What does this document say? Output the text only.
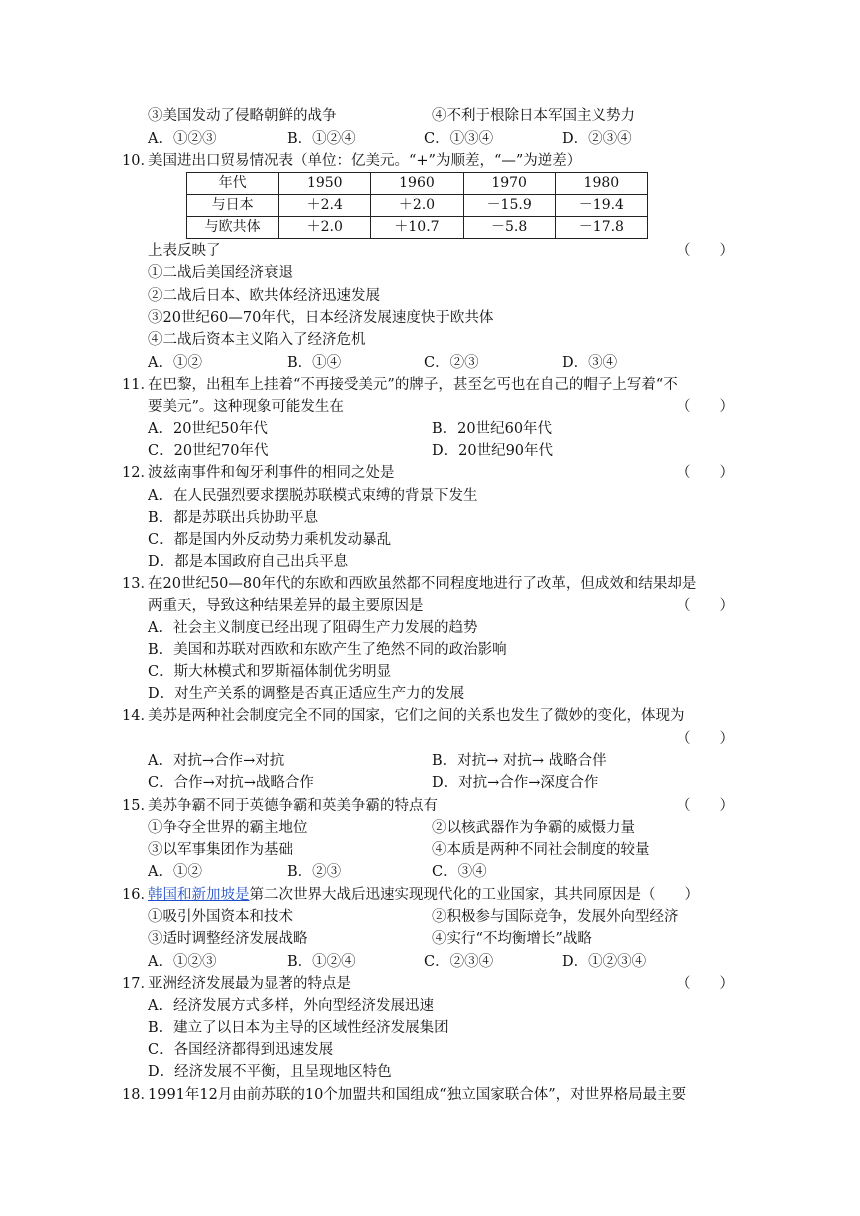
③美国发动了侵略朝鲜的战争	④不利于根除日本军国主义势力
A．①②③	B．①②④	C．①③④	D．②③④
10．
美国进出口贸易情况表（单位：亿美元。“+”为顺差，“—”为逆差）
年代	1950	1960	1970	1980
与日本	＋2.4	＋2.0	－15.9	－19.4
与欧共体	＋2.0	＋10.7	－5.8	－17.8
上表反映了	（　　）
①二战后美国经济衰退
②二战后日本、欧共体经济迅速发展
③20世纪60—70年代，日本经济发展速度快于欧共体
④二战后资本主义陷入了经济危机
A．①②	B．①④	C．②③	D．③④
11．
在巴黎，出租车上挂着“不再接受美元”的牌子，甚至乞丐也在自己的帽子上写着“不
要美元”。这种现象可能发生在	（　　）
A．20世纪50年代	B．20世纪60年代
C．20世纪70年代	D．20世纪90年代
12．
波兹南事件和匈牙利事件的相同之处是	（　　）
A．在人民强烈要求摆脱苏联模式束缚的背景下发生
B．都是苏联出兵协助平息
C．都是国内外反动势力乘机发动暴乱
D．都是本国政府自己出兵平息
13．
在20世纪50—80年代的东欧和西欧虽然都不同程度地进行了改革，但成效和结果却是
两重天，导致这种结果差异的最主要原因是	（　　）
A．社会主义制度已经出现了阻碍生产力发展的趋势
B．美国和苏联对西欧和东欧产生了绝然不同的政治影响
C．斯大林模式和罗斯福体制优劣明显
D．对生产关系的调整是否真正适应生产力的发展
14．
美苏是两种社会制度完全不同的国家，它们之间的关系也发生了微妙的变化，体现为
（　　）
A．对抗→合作→对抗	B．对抗→ 对抗→ 战略合伴
C．合作→对抗→战略合作	D．对抗→合作→深度合作
15．
美苏争霸不同于英德争霸和英美争霸的特点有	（　　）
①争夺全世界的霸主地位	②以核武器作为争霸的威慑力量
③以军事集团作为基础	④本质是两种不同社会制度的较量
A．①②	B．②③	C．③④
16．
韩国和新加坡是第二次世界大战后迅速实现现代化的工业国家，其共同原因是（　　）
①吸引外国资本和技术	②积极参与国际竞争，发展外向型经济
③适时调整经济发展战略	④实行“不均衡增长”战略
A．①②③	B．①②④	C．②③④	D．①②③④
17．
亚洲经济发展最为显著的特点是	（　　）
A．经济发展方式多样，外向型经济发展迅速
B．建立了以日本为主导的区域性经济发展集团
C．各国经济都得到迅速发展
D．经济发展不平衡，且呈现地区特色
18．
1991年12月由前苏联的10个加盟共和国组成“独立国家联合体”，对世界格局最主要
